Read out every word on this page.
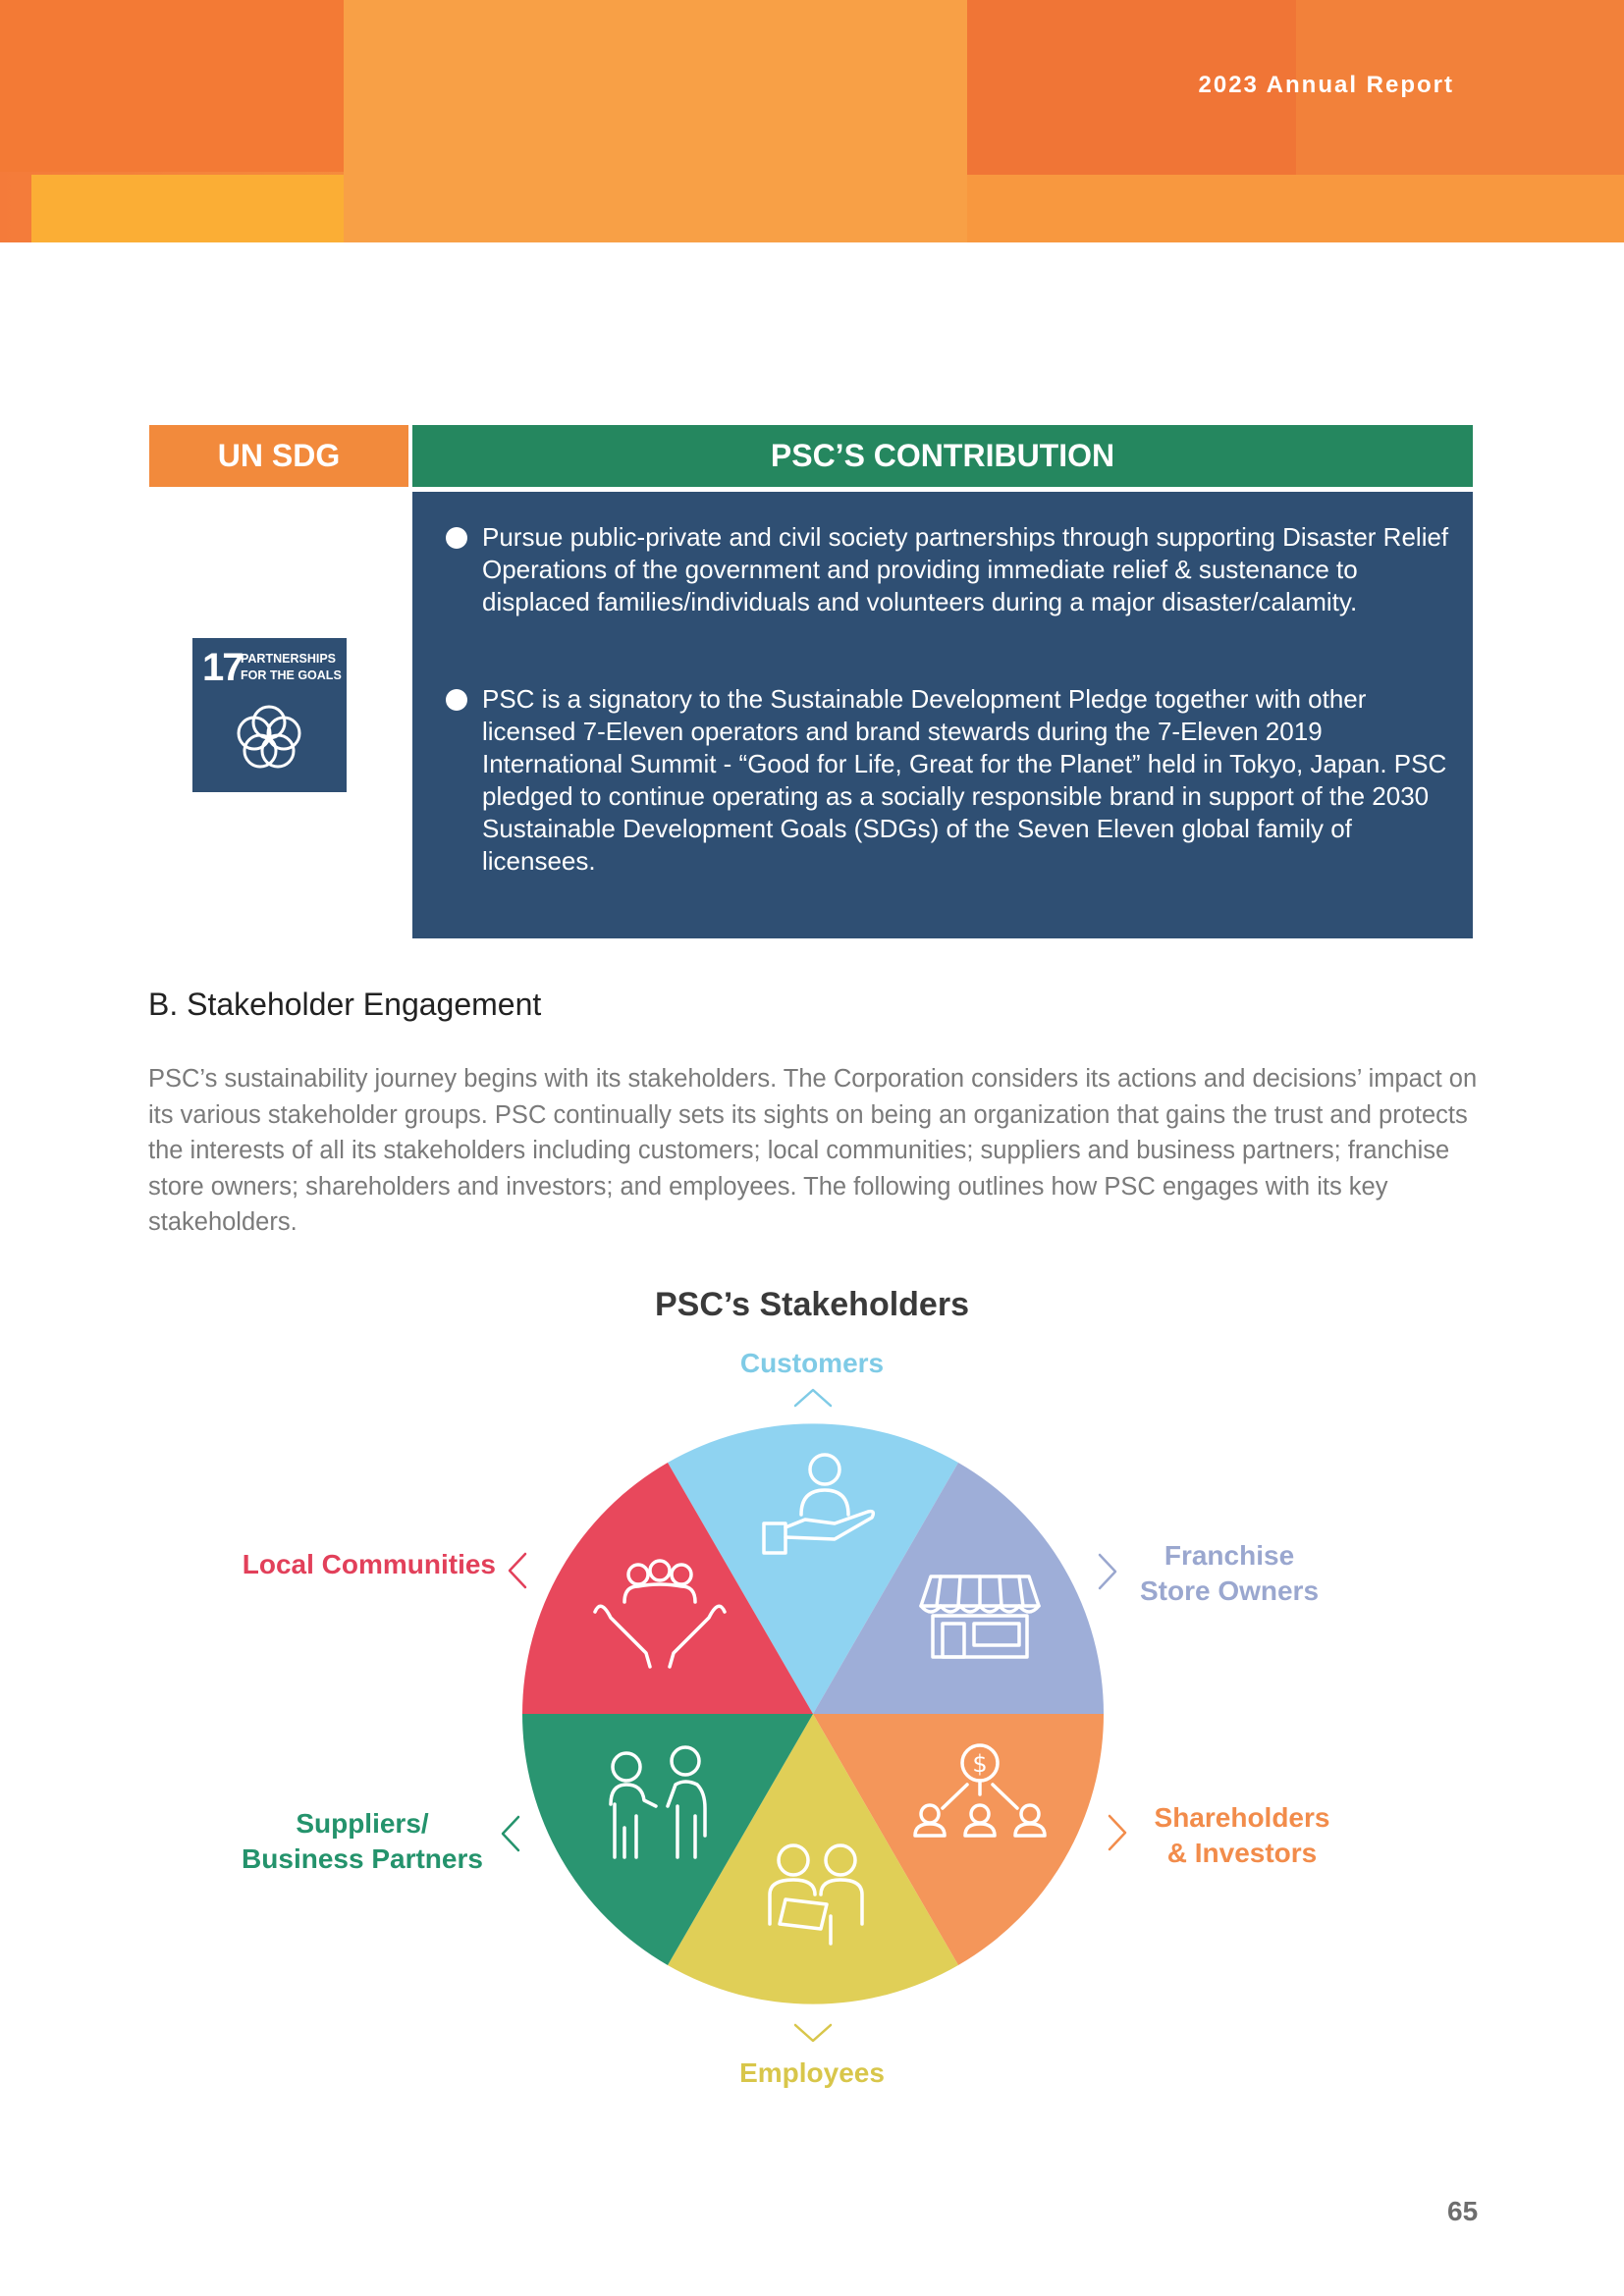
2023 Annual Report
UN SDG	PSC’S CONTRIBUTION
17
PARTNERSHIPS
FOR THE GOALS
Pursue public-private and civil society partnerships through supporting Disaster Relief Operations of the government and providing immediate relief & sustenance to displaced families/individuals and volunteers during a major disaster/calamity.
PSC is a signatory to the Sustainable Development Pledge together with other licensed 7-Eleven operators and brand stewards during the 7-Eleven 2019 International Summit - “Good for Life, Great for the Planet” held in Tokyo, Japan. PSC pledged to continue operating as a socially responsible brand in support of the 2030 Sustainable Development Goals (SDGs) of the Seven Eleven global family of licensees.
B. Stakeholder Engagement
PSC’s sustainability journey begins with its stakeholders. The Corporation considers its actions and decisions’ impact on its various stakeholder groups. PSC continually sets its sights on being an organization that gains the trust and protects the interests of all its stakeholders including customers; local communities; suppliers and business partners; franchise store owners; shareholders and investors; and employees. The following outlines how PSC engages with its key stakeholders.
PSC’s Stakeholders
$
Customers
Franchise
Store Owners
Shareholders
& Investors
Employees
Suppliers/
Business Partners
Local Communities
65
